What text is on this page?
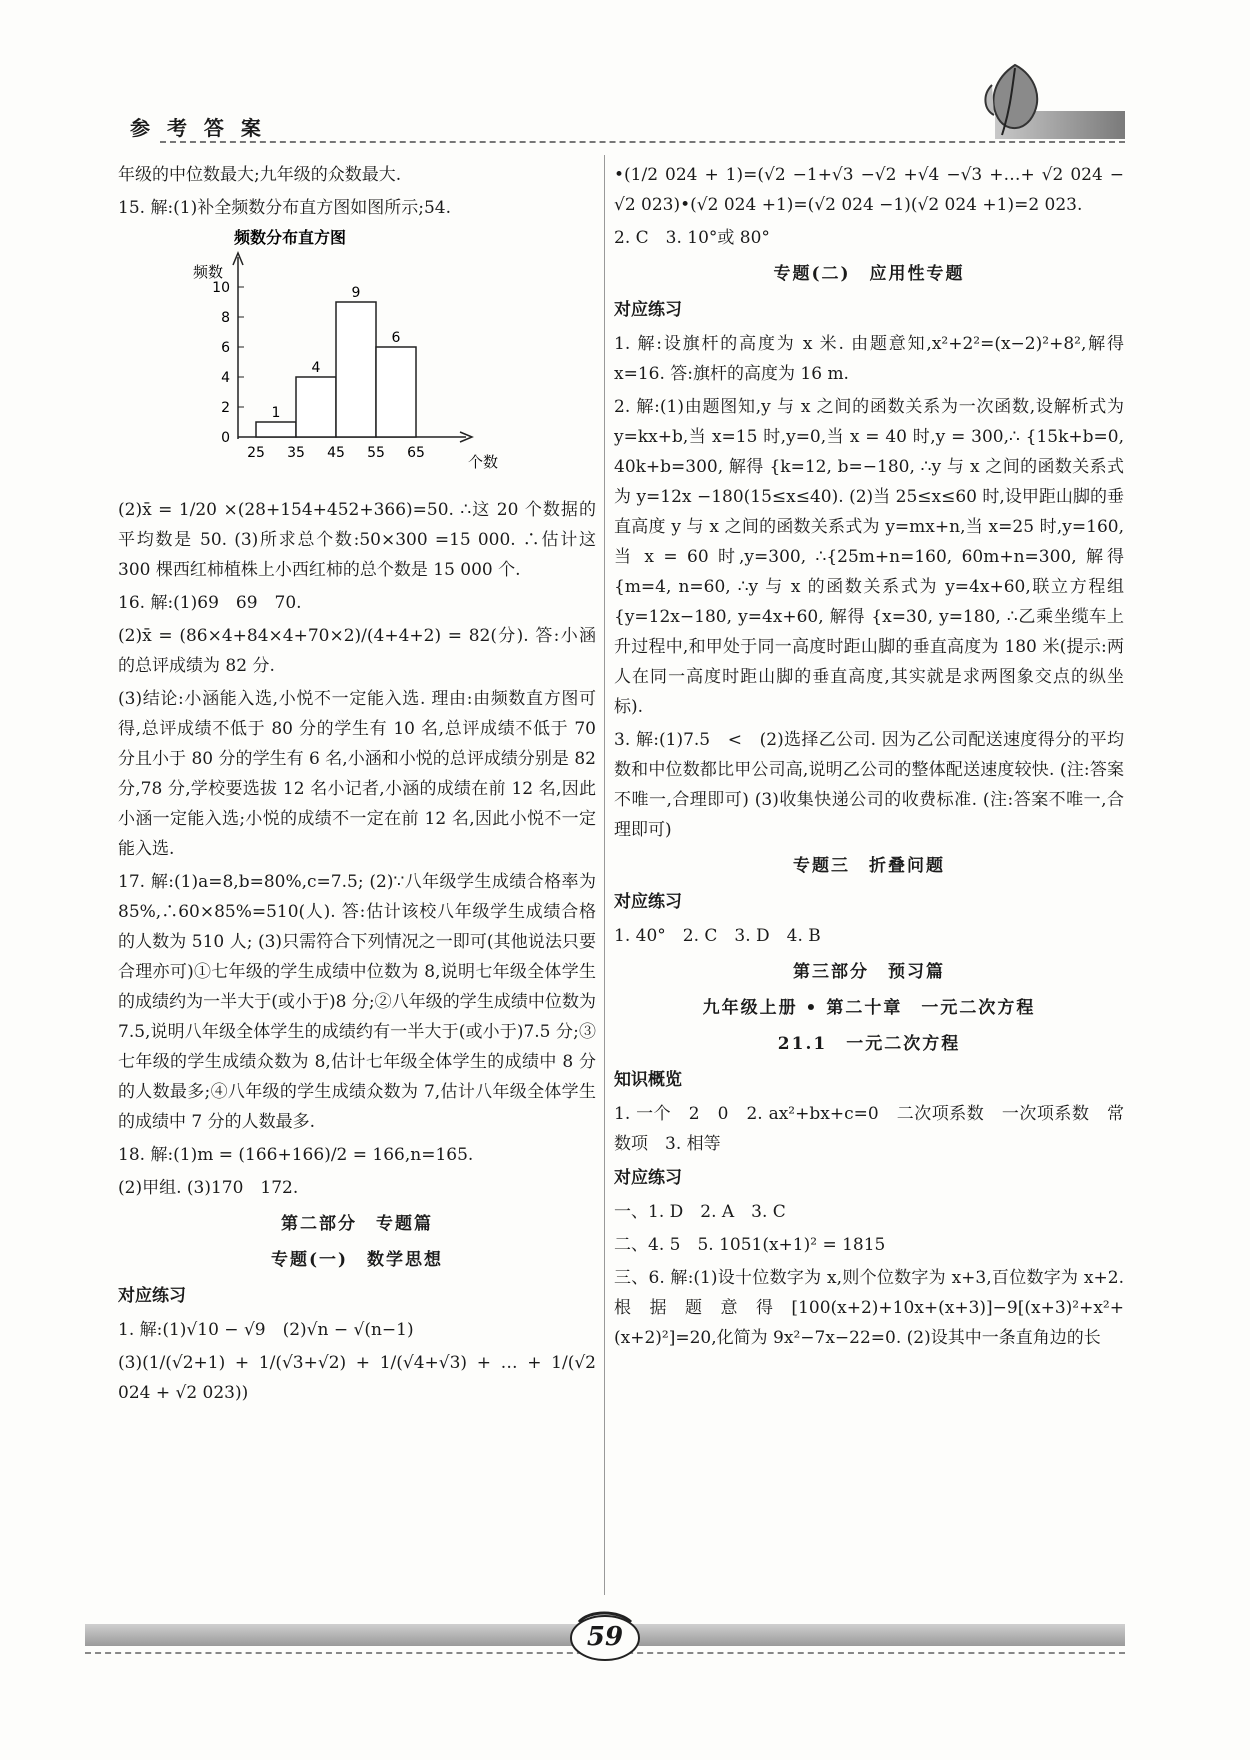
参 考 答 案

年级的中位数最大;九年级的众数最大.

15. 解:(1)补全频数分布直方图如图所示;54.

频数分布直方图
频数
个数
0
2
4
6
8
10
25 35 45 55 65
1
4
9
6

(2)x̄ = 1/20 ×(28+154+452+366)=50. ∴这 20 个数据的平均数是 50. (3)所求总个数:50×300 =15 000. ∴估计这 300 棵西红柿植株上小西红柿的总个数是 15 000 个.

16. 解:(1)69　69　70.

(2)x̄ = (86×4+84×4+70×2)/(4+4+2) = 82(分). 答:小涵的总评成绩为 82 分.

(3)结论:小涵能入选,小悦不一定能入选. 理由:由频数直方图可得,总评成绩不低于 80 分的学生有 10 名,总评成绩不低于 70 分且小于 80 分的学生有 6 名,小涵和小悦的总评成绩分别是 82 分,78 分,学校要选拔 12 名小记者,小涵的成绩在前 12 名,因此小涵一定能入选;小悦的成绩不一定在前 12 名,因此小悦不一定能入选.

17. 解:(1)a=8,b=80%,c=7.5; (2)∵八年级学生成绩合格率为 85%,∴60×85%=510(人). 答:估计该校八年级学生成绩合格的人数为 510 人; (3)只需符合下列情况之一即可(其他说法只要合理亦可)①七年级的学生成绩中位数为 8,说明七年级全体学生的成绩约为一半大于(或小于)8 分;②八年级的学生成绩中位数为 7.5,说明八年级全体学生的成绩约有一半大于(或小于)7.5 分;③七年级的学生成绩众数为 8,估计七年级全体学生的成绩中 8 分的人数最多;④八年级的学生成绩众数为 7,估计八年级全体学生的成绩中 7 分的人数最多.

18. 解:(1)m = (166+166)/2 = 166,n=165.

(2)甲组. (3)170　172.

第二部分　专题篇
专题(一)　数学思想
对应练习

1. 解:(1)√10 − √9　(2)√n − √(n−1)

(3)(1/(√2+1) + 1/(√3+√2) + 1/(√4+√3) + … + 1/(√2 024 + √2 023))

•(1/2 024 + 1)=(√2 −1+√3 −√2 +√4 −√3 +…+ √2 024 − √2 023)•(√2 024 +1)=(√2 024 −1)(√2 024 +1)=2 023.

2. C　3. 10°或 80°

专题(二)　应用性专题
对应练习

1. 解:设旗杆的高度为 x 米. 由题意知,x²+2²=(x−2)²+8²,解得 x=16. 答:旗杆的高度为 16 m.

2. 解:(1)由题图知,y 与 x 之间的函数关系为一次函数,设解析式为 y=kx+b,当 x=15 时,y=0,当 x = 40 时,y = 300,∴ {15k+b=0, 40k+b=300, 解得 {k=12, b=−180, ∴y 与 x 之间的函数关系式为 y=12x −180(15≤x≤40). (2)当 25≤x≤60 时,设甲距山脚的垂直高度 y 与 x 之间的函数关系式为 y=mx+n,当 x=25 时,y=160,当 x = 60 时,y=300, ∴{25m+n=160, 60m+n=300, 解得 {m=4, n=60, ∴y 与 x 的函数关系式为 y=4x+60,联立方程组 {y=12x−180, y=4x+60, 解得 {x=30, y=180, ∴乙乘坐缆车上升过程中,和甲处于同一高度时距山脚的垂直高度为 180 米(提示:两人在同一高度时距山脚的垂直高度,其实就是求两图象交点的纵坐标).

3. 解:(1)7.5　<　(2)选择乙公司. 因为乙公司配送速度得分的平均数和中位数都比甲公司高,说明乙公司的整体配送速度较快. (注:答案不唯一,合理即可) (3)收集快递公司的收费标准. (注:答案不唯一,合理即可)

专题三　折叠问题
对应练习

1. 40°　2. C　3. D　4. B

第三部分　预习篇
九年级上册 • 第二十章　一元二次方程
21.1　一元二次方程
知识概览

1. 一个　2　0　2. ax²+bx+c=0　二次项系数　一次项系数　常数项　3. 相等

对应练习

一、1. D　2. A　3. C

二、4. 5　5. 1051(x+1)² = 1815

三、6. 解:(1)设十位数字为 x,则个位数字为 x+3,百位数字为 x+2. 根据题意得[100(x+2)+10x+(x+3)]−9[(x+3)²+x²+(x+2)²]=20,化简为 9x²−7x−22=0. (2)设其中一条直角边的长

59
